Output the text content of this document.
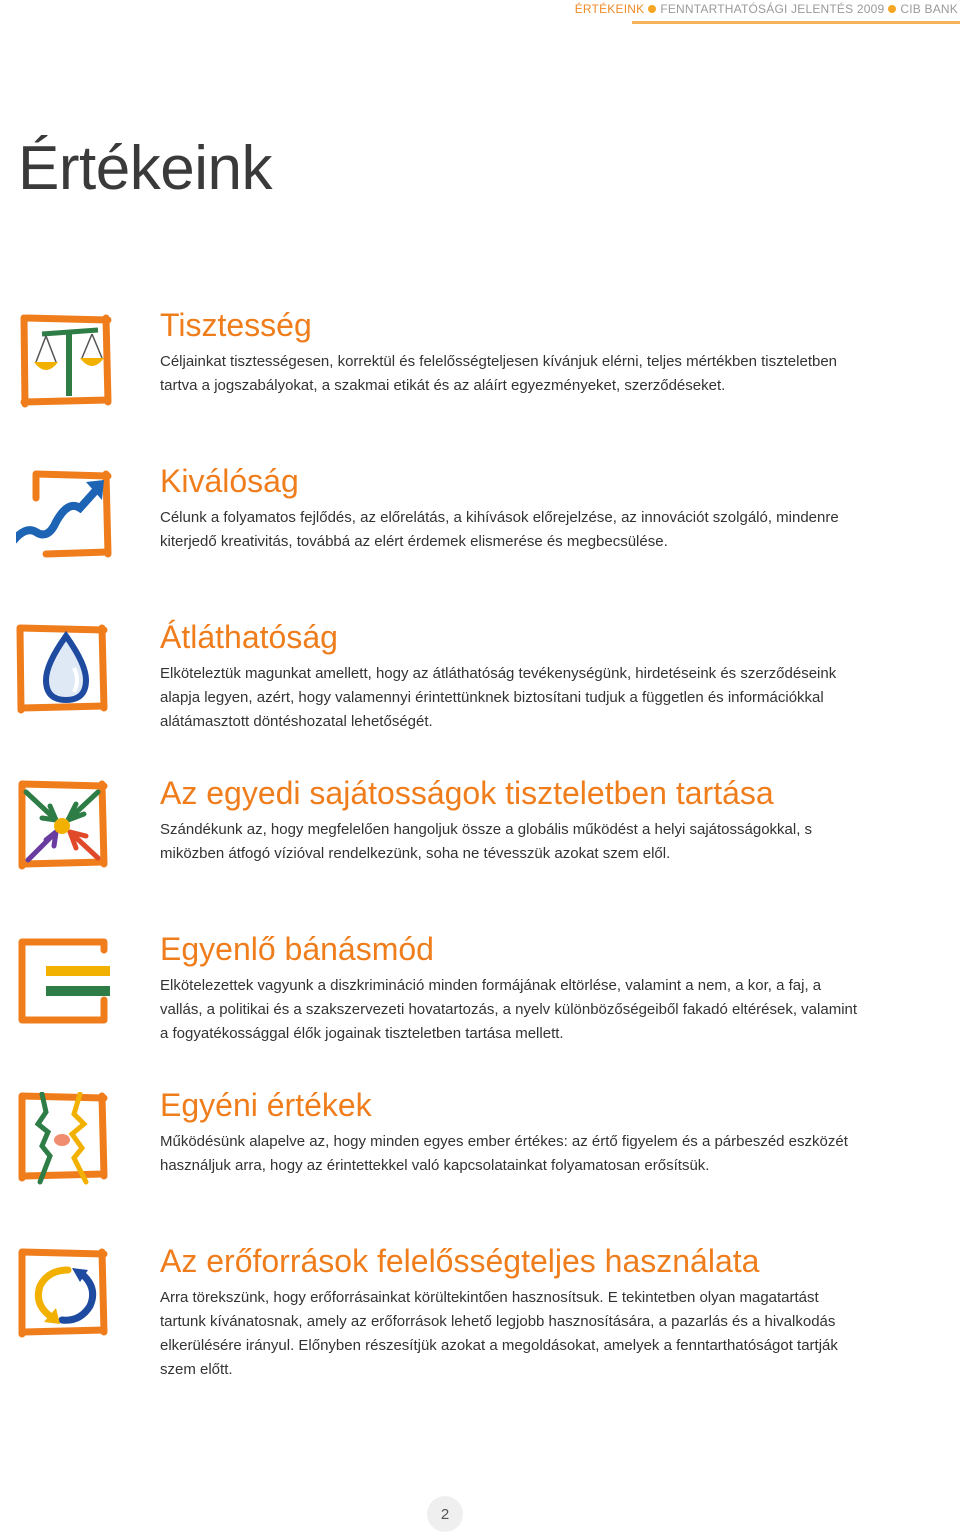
ÉRTÉKEINK FENNTARTHATÓSÁGI JELENTÉS 2009 CIB BANK
Értékeink
Tisztesség

Céljainkat tisztességesen, korrektül és felelősségteljesen kívánjuk elérni, teljes mértékben tiszteletben tartva a jogszabályokat, a szakmai etikát és az aláírt egyezményeket, szerződéseket.

Kiválóság

Célunk a folyamatos fejlődés, az előrelátás, a kihívások előrejelzése, az innovációt szolgáló, mindenre kiterjedő kreativitás, továbbá az elért érdemek elismerése és megbecsülése.

Átláthatóság

Elköteleztük magunkat amellett, hogy az átláthatóság tevékenységünk, hirdetéseink és szerződéseink alapja legyen, azért, hogy valamennyi érintettünknek biztosítani tudjuk a független és információkkal alátámasztott döntéshozatal lehetőségét.

Az egyedi sajátosságok tiszteletben tartása

Szándékunk az, hogy megfelelően hangoljuk össze a globális működést a helyi sajátosságokkal, s miközben átfogó vízióval rendelkezünk, soha ne tévesszük azokat szem elől.

Egyenlő bánásmód

Elkötelezettek vagyunk a diszkrimináció minden formájának eltörlése, valamint a nem, a kor, a faj, a vallás, a politikai és a szakszervezeti hovatartozás, a nyelv különbözőségeiből fakadó eltérések, valamint a fogyatékossággal élők jogainak tiszteletben tartása mellett.

Egyéni értékek

Működésünk alapelve az, hogy minden egyes ember értékes: az értő figyelem és a párbeszéd eszközét használjuk arra, hogy az érintettekkel való kapcsolatainkat folyamatosan erősítsük.

Az erőforrások felelősségteljes használata

Arra törekszünk, hogy erőforrásainkat körültekintően hasznosítsuk. E tekintetben olyan magatartást tartunk kívánatosnak, amely az erőforrások lehető legjobb hasznosítására, a pazarlás és a hivalkodás elkerülésére irányul. Előnyben részesítjük azokat a megoldásokat, amelyek a fenntarthatóságot tartják szem előtt.

2
